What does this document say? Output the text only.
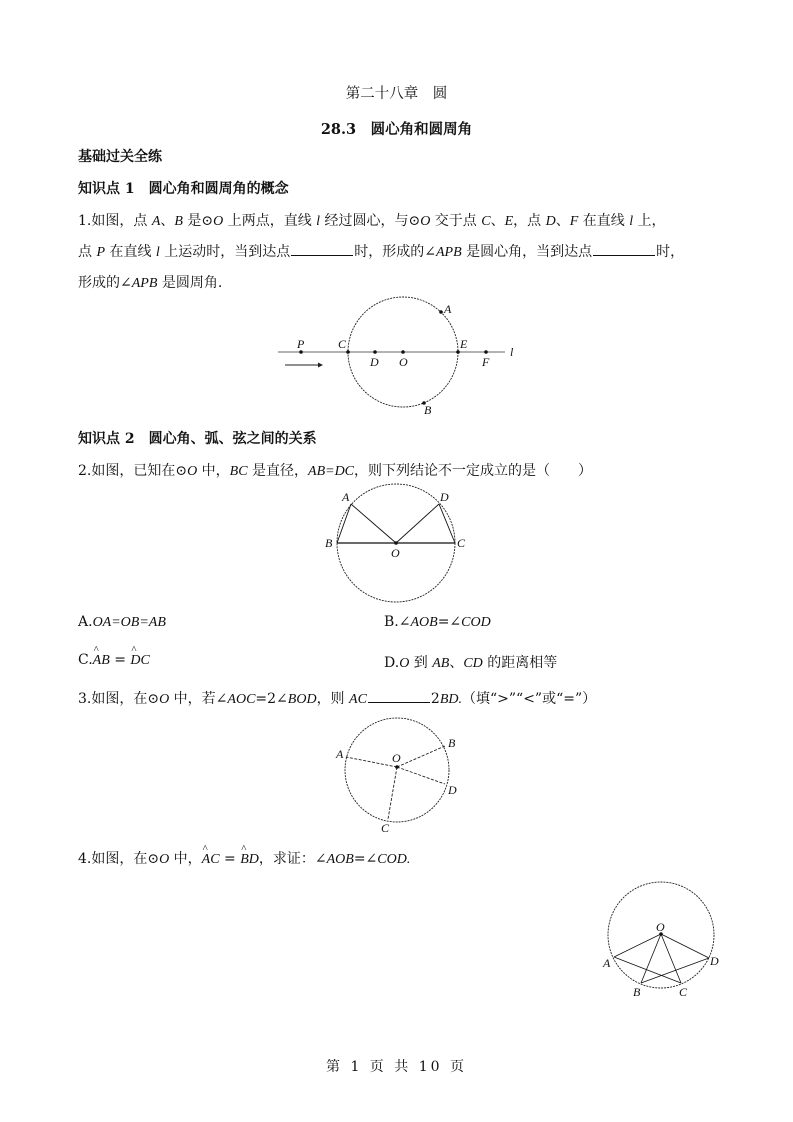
第二十八章　圆
28.3　圆心角和圆周角
基础过关全练
知识点 1　圆心角和圆周角的概念
1.如图，点 A、B 是⊙O 上两点，直线 l 经过圆心，与⊙O 交于点 C、E，点 D、F 在直线 l 上，
点 P 在直线 l 上运动时，当到达点	时，形成的∠APB 是圆心角，当到达点	时，
形成的∠APB 是圆周角.
P	C
D O
E
F
l
A
B
知识点 2　圆心角、弧、弦之间的关系
2.如图，已知在⊙O 中，BC 是直径，AB=DC，则下列结论不一定成立的是（　　）
A	D
B
O
C
A.OA=OB=AB	B.∠AOB=∠COD
C.^ AB = ^ DC	D.O 到 AB、CD 的距离相等
3.如图，在⊙O 中，若∠AOC=2∠BOD，则 AC	2BD.（填“>”“<”或“=”）
A	O
B
D
C
4.如图，在⊙O 中，^ AC = ^ BD，求证：∠AOB=∠COD.
O
A	D
B	C
第 1 页 共 10 页
